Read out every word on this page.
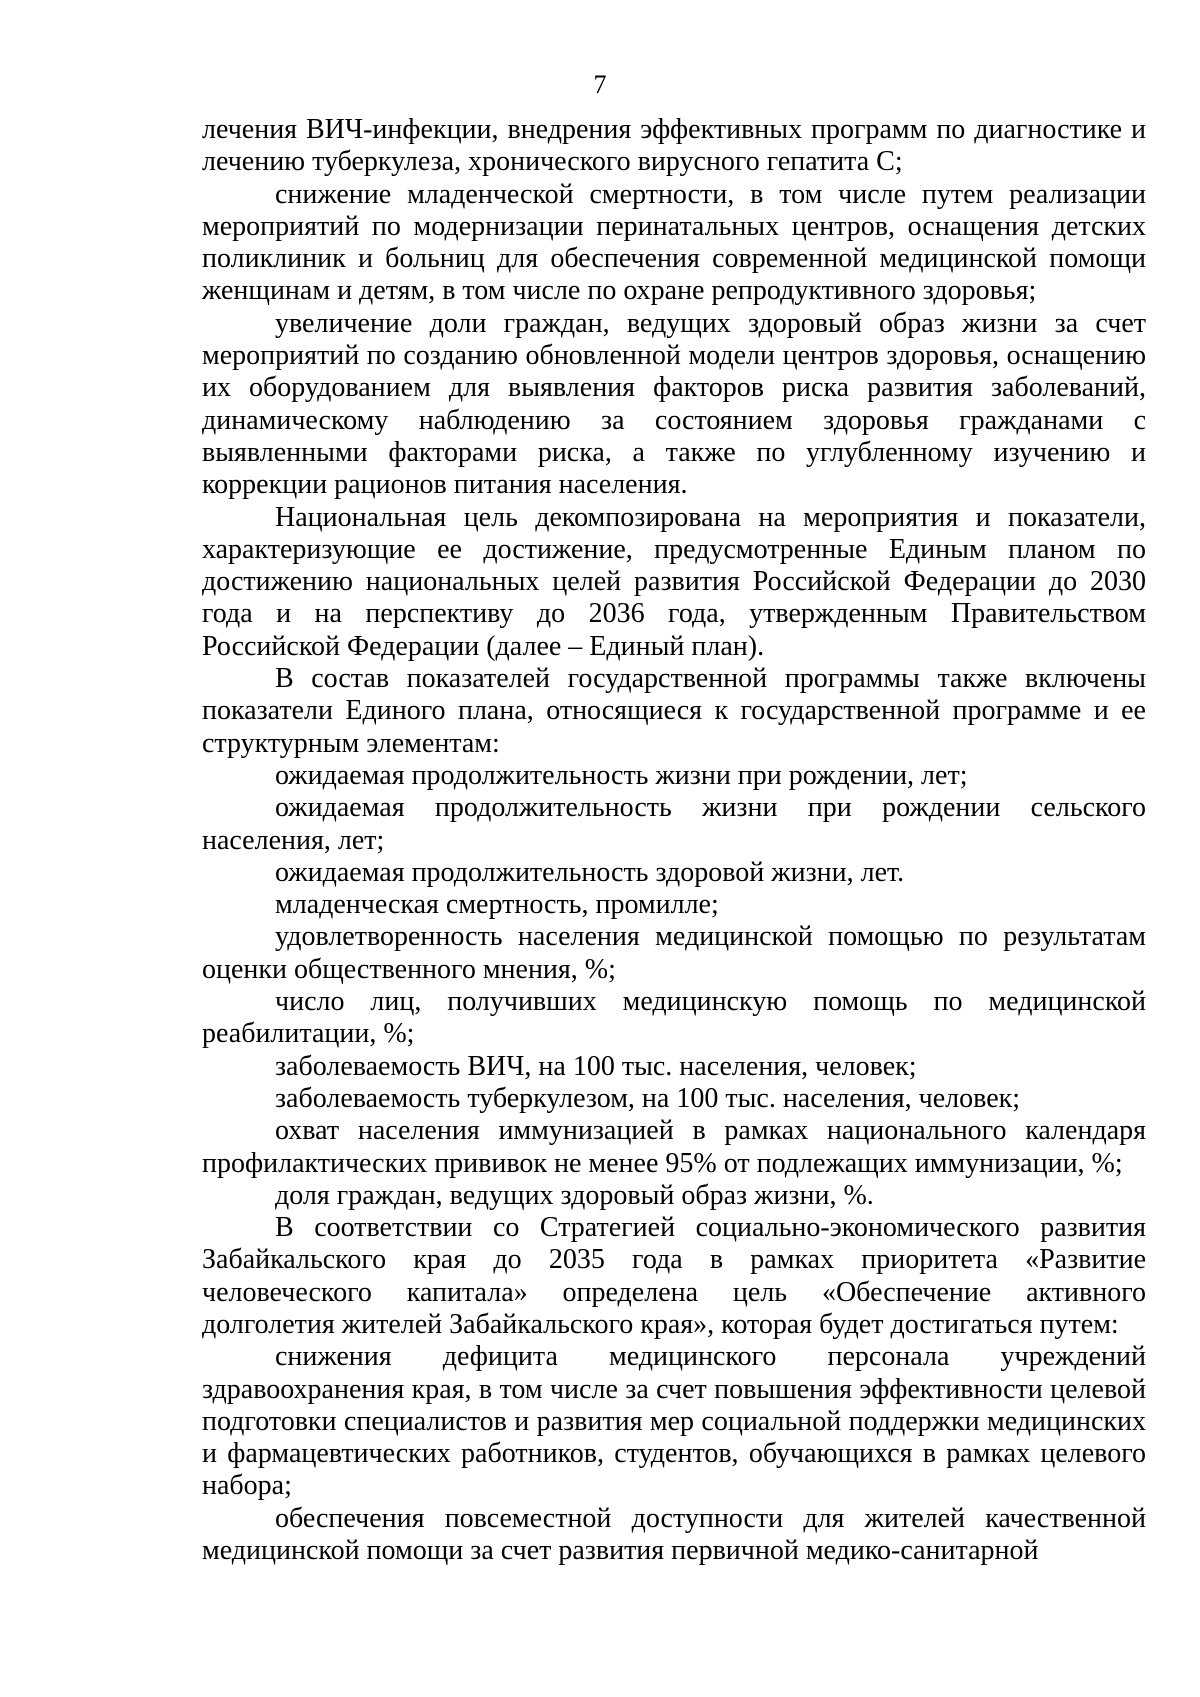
7

лечения ВИЧ-инфекции, внедрения эффективных программ по диагностике и лечению туберкулеза, хронического вирусного гепатита С;

снижение младенческой смертности, в том числе путем реализации мероприятий по модернизации перинатальных центров, оснащения детских поликлиник и больниц для обеспечения современной медицинской помощи женщинам и детям, в том числе по охране репродуктивного здоровья;

увеличение доли граждан, ведущих здоровый образ жизни за счет мероприятий по созданию обновленной модели центров здоровья, оснащению их оборудованием для выявления факторов риска развития заболеваний, динамическому наблюдению за состоянием здоровья гражданами с выявленными факторами риска, а также по углубленному изучению и коррекции рационов питания населения.

Национальная цель декомпозирована на мероприятия и показатели, характеризующие ее достижение, предусмотренные Единым планом по достижению национальных целей развития Российской Федерации до 2030 года и на перспективу до 2036 года, утвержденным Правительством Российской Федерации (далее – Единый план).

В состав показателей государственной программы также включены показатели Единого плана, относящиеся к государственной программе и ее структурным элементам:

ожидаемая продолжительность жизни при рождении, лет;

ожидаемая продолжительность жизни при рождении сельского населения, лет;

ожидаемая продолжительность здоровой жизни, лет.

младенческая смертность, промилле;

удовлетворенность населения медицинской помощью по результатам оценки общественного мнения, %;

число лиц, получивших медицинскую помощь по медицинской реабилитации, %;

заболеваемость ВИЧ, на 100 тыс. населения, человек;

заболеваемость туберкулезом, на 100 тыс. населения, человек;

охват населения иммунизацией в рамках национального календаря профилактических прививок не менее 95% от подлежащих иммунизации, %;

доля граждан, ведущих здоровый образ жизни, %.

В соответствии со Стратегией социально-экономического развития Забайкальского края до 2035 года в рамках приоритета «Развитие человеческого капитала» определена цель «Обеспечение активного долголетия жителей Забайкальского края», которая будет достигаться путем:

снижения дефицита медицинского персонала учреждений здравоохранения края, в том числе за счет повышения эффективности целевой подготовки специалистов и развития мер социальной поддержки медицинских и фармацевтических работников, студентов, обучающихся в рамках целевого набора;

обеспечения повсеместной доступности для жителей качественной медицинской помощи за счет развития первичной медико-санитарной
